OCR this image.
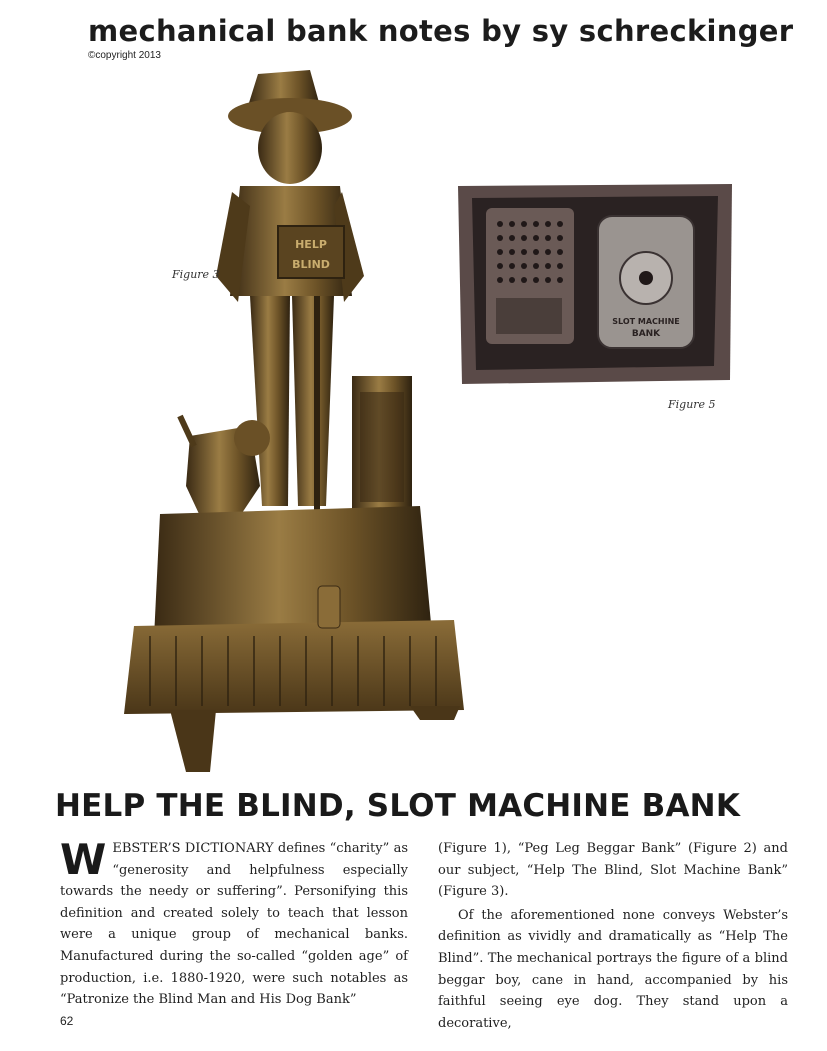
mechanical bank notes by sy schreckinger
©copyright 2013
HELP
BLIND
Figure 3
SLOT MACHINE
BANK
Figure 5
HELP THE BLIND, SLOT MACHINE BANK

WEBSTER’S DICTIONARY defines “charity” as “generosity and helpfulness especially towards the needy or suffering”. Personifying this definition and created solely to teach that lesson were a unique group of mechanical banks. Manufactured during the so-called “golden age” of production, i.e. 1880-1920, were such notables as “Patronize the Blind Man and His Dog Bank”

(Figure 1), “Peg Leg Beggar Bank” (Figure 2) and our subject, “Help The Blind, Slot Machine Bank” (Figure 3).

Of the aforementioned none conveys Webster’s definition as vividly and dramatically as “Help The Blind”. The mechanical portrays the figure of a blind beggar boy, cane in hand, accompanied by his faithful seeing eye dog. They stand upon a decorative,

62
